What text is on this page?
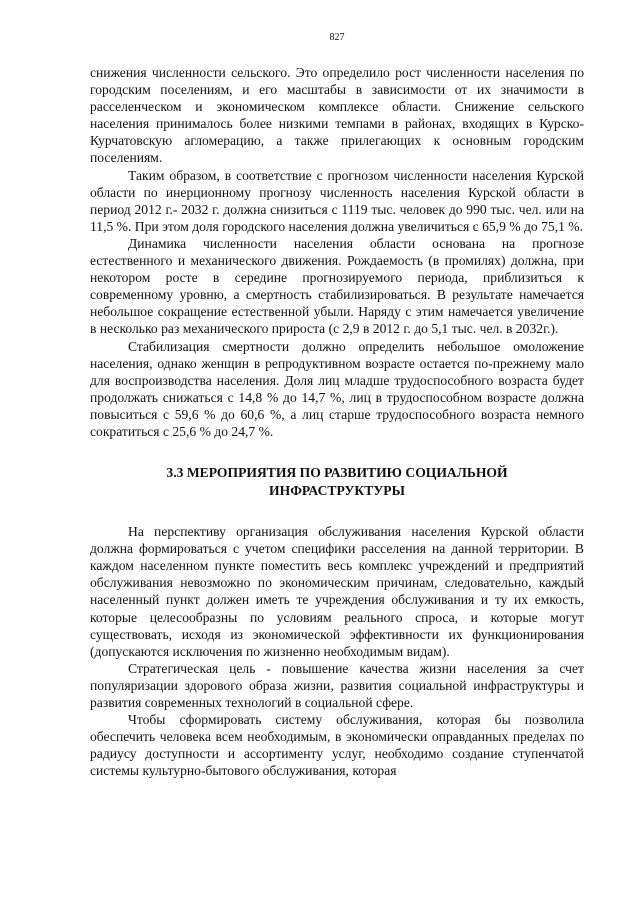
827

снижения численности сельского. Это определило рост численности населения по городским поселениям, и его масштабы в зависимости от их значимости в расселенческом и экономическом комплексе области. Снижение сельского населения принималось более низкими темпами в районах, входящих в Курско-Курчатовскую агломерацию, а также прилегающих к основным городским поселениям.

Таким образом, в соответствие с прогнозом численности населения Курской области по инерционному прогнозу численность населения Курской области в период 2012 г.- 2032 г. должна снизиться с 1119 тыс. человек до 990 тыс. чел. или на 11,5 %. При этом доля городского населения должна увеличиться с 65,9 % до 75,1 %.

Динамика численности населения области основана на прогнозе естественного и механического движения. Рождаемость (в промилях) должна, при некотором росте в середине прогнозируемого периода, приблизиться к современному уровню, а смертность стабилизироваться. В результате намечается небольшое сокращение естественной убыли. Наряду с этим намечается увеличение в несколько раз механического прироста (с 2,9 в 2012 г. до 5,1 тыс. чел. в 2032г.).

Стабилизация смертности должно определить небольшое омоложение населения, однако женщин в репродуктивном возрасте остается по-прежнему мало для воспроизводства населения. Доля лиц младше трудоспособного возраста будет продолжать снижаться с 14,8 % до 14,7 %, лиц в трудоспособном возрасте должна повыситься с 59,6 % до 60,6 %, а лиц старше трудоспособного возраста немного сократиться с 25,6 % до 24,7 %.

3.3 МЕРОПРИЯТИЯ ПО РАЗВИТИЮ СОЦИАЛЬНОЙ
ИНФРАСТРУКТУРЫ

На перспективу организация обслуживания населения Курской области должна формироваться с учетом специфики расселения на данной территории. В каждом населенном пункте поместить весь комплекс учреждений и предприятий обслуживания невозможно по экономическим причинам, следовательно, каждый населенный пункт должен иметь те учреждения обслуживания и ту их емкость, которые целесообразны по условиям реального спроса, и которые могут существовать, исходя из экономической эффективности их функционирования (допускаются исключения по жизненно необходимым видам).

Стратегическая цель - повышение качества жизни населения за счет популяризации здорового образа жизни, развития социальной инфраструктуры и развития современных технологий в социальной сфере.

Чтобы сформировать систему обслуживания, которая бы позволила обеспечить человека всем необходимым, в экономически оправданных пределах по радиусу доступности и ассортименту услуг, необходимо создание ступенчатой системы культурно-бытового обслуживания, которая
